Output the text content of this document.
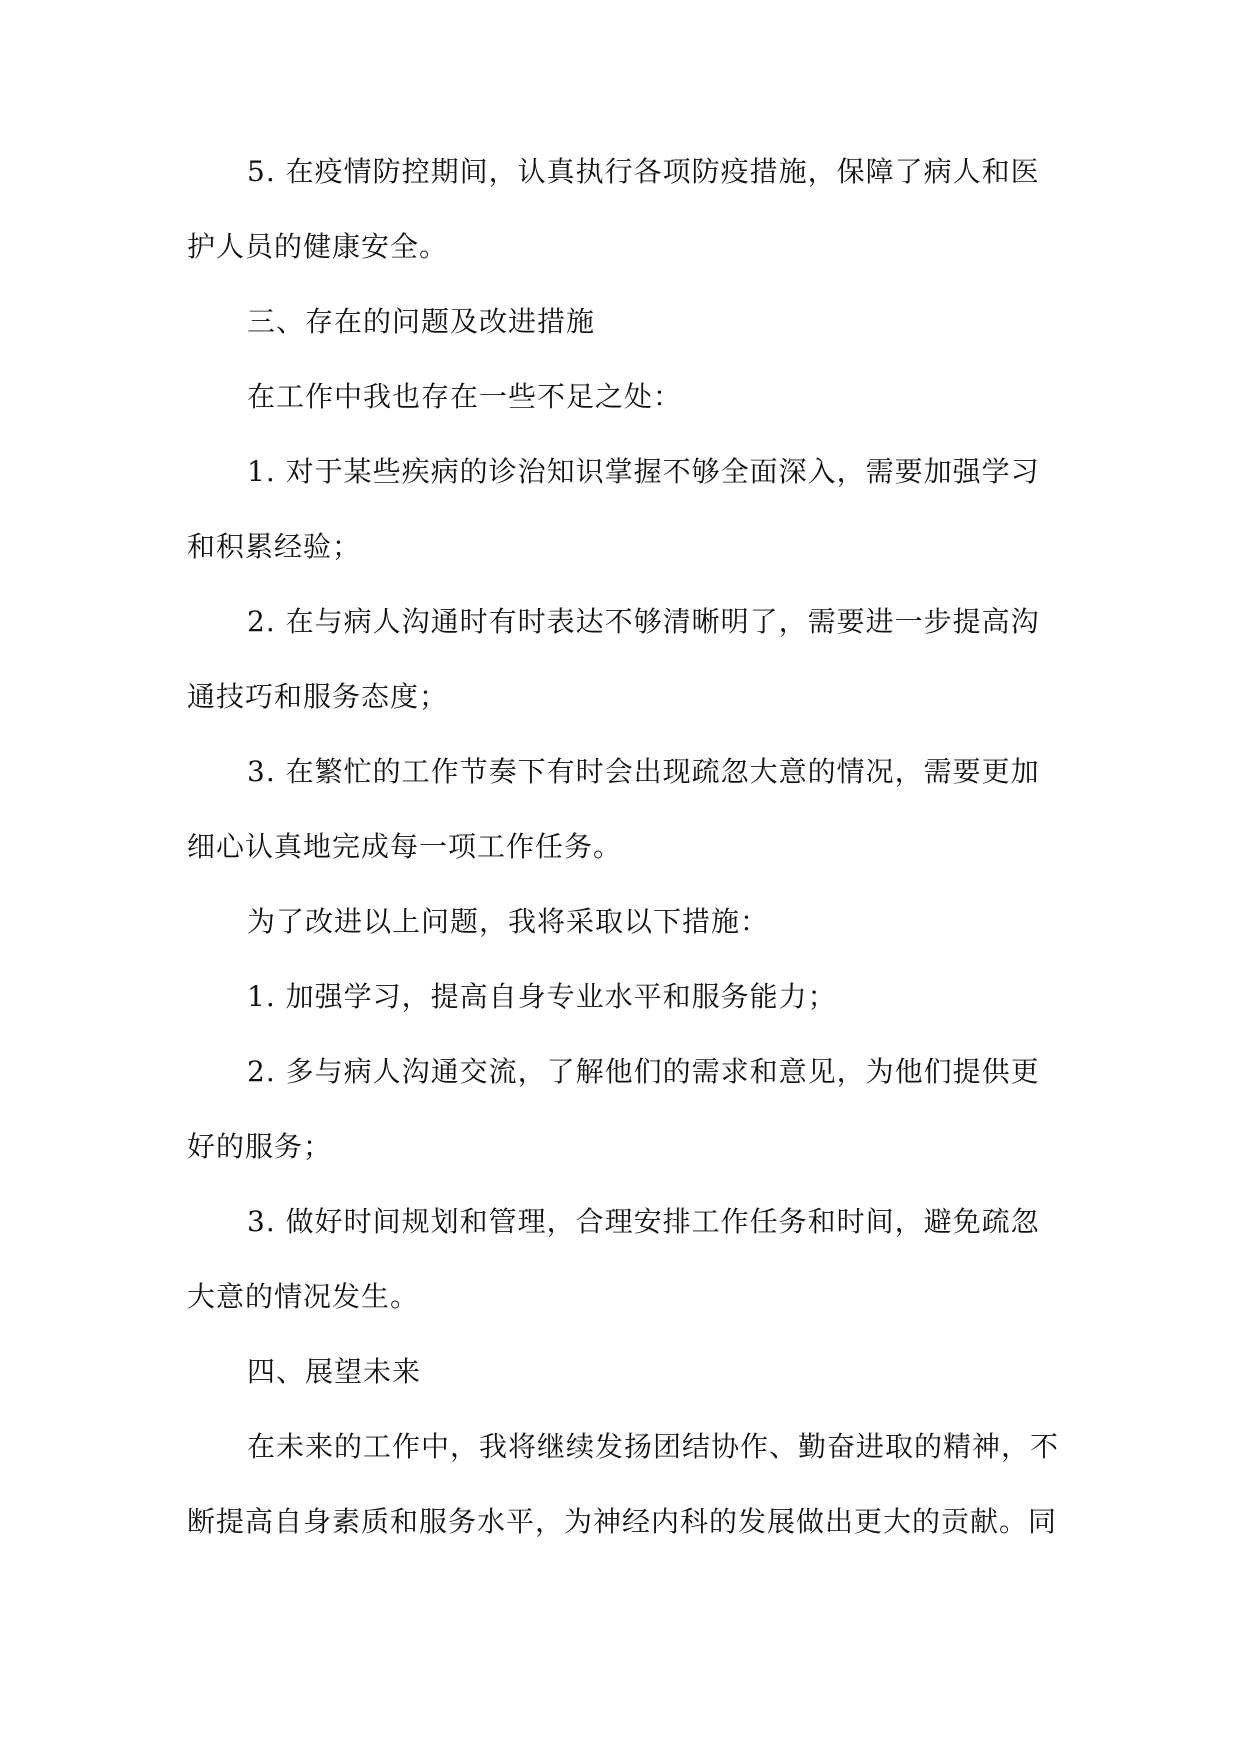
5. 在疫情防控期间，认真执行各项防疫措施，保障了病人和医
护人员的健康安全。
三、存在的问题及改进措施
在工作中我也存在一些不足之处：
1. 对于某些疾病的诊治知识掌握不够全面深入，需要加强学习
和积累经验；
2. 在与病人沟通时有时表达不够清晰明了，需要进一步提高沟
通技巧和服务态度；
3. 在繁忙的工作节奏下有时会出现疏忽大意的情况，需要更加
细心认真地完成每一项工作任务。
为了改进以上问题，我将采取以下措施：
1. 加强学习，提高自身专业水平和服务能力；
2. 多与病人沟通交流，了解他们的需求和意见，为他们提供更
好的服务；
3. 做好时间规划和管理，合理安排工作任务和时间，避免疏忽
大意的情况发生。
四、展望未来
在未来的工作中，我将继续发扬团结协作、勤奋进取的精神，不
断提高自身素质和服务水平，为神经内科的发展做出更大的贡献。同
